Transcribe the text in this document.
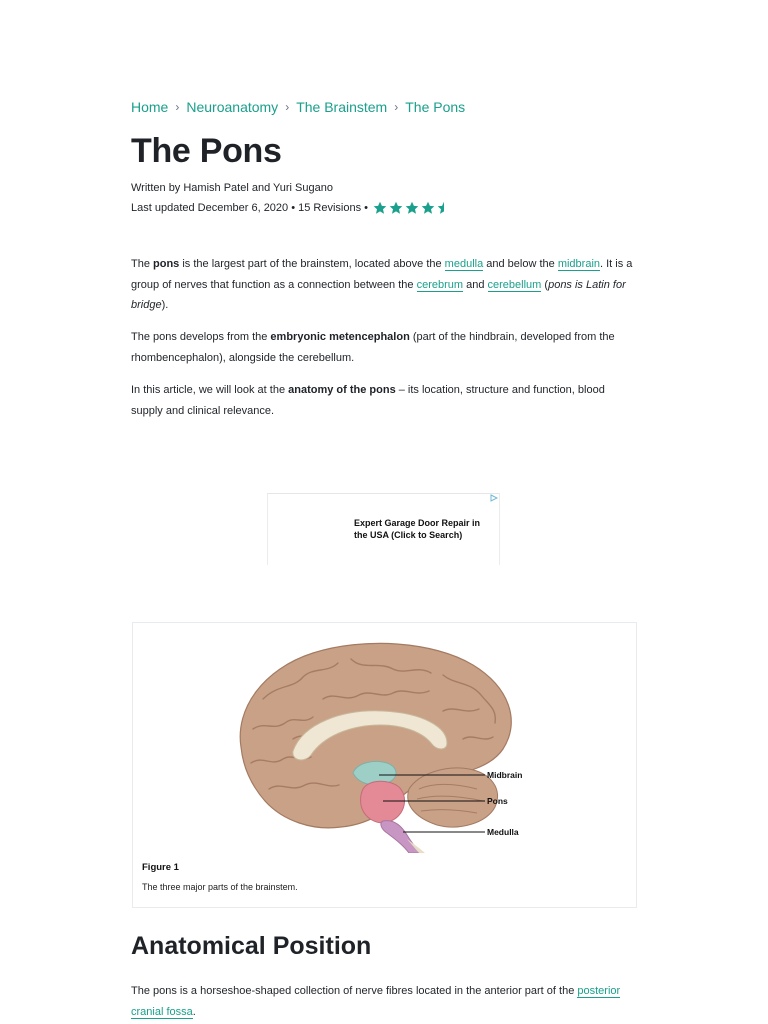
Home › Neuroanatomy › The Brainstem › The Pons
The Pons
Written by Hamish Patel and Yuri Sugano
Last updated December 6, 2020 • 15 Revisions •

The pons is the largest part of the brainstem, located above the medulla and below the midbrain. It is a group of nerves that function as a connection between the cerebrum and cerebellum (pons is Latin for bridge).

The pons develops from the embryonic metencephalon (part of the hindbrain, developed from the rhombencephalon), alongside the cerebellum.

In this article, we will look at the anatomy of the pons – its location, structure and function, blood supply and clinical relevance.

Anatomical Position

The pons is a horseshoe-shaped collection of nerve fibres located in the anterior part of the posterior cranial fossa.

Expert Garage Door Repair in the USA (Click to Search)
Midbrain
Pons
Medulla
Figure 1
The three major parts of the brainstem.
